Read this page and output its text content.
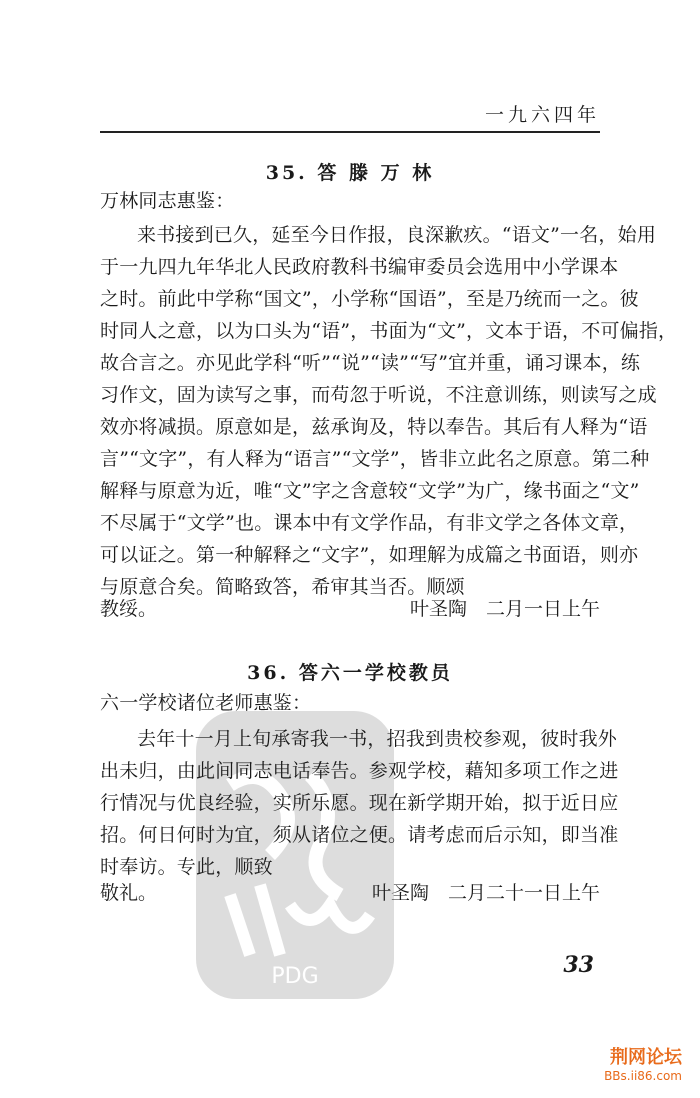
一九六四年
PDG
35. 答 滕 万 林
万林同志惠鉴：
来书接到已久，延至今日作报，良深歉疚。“语文”一名，始用
于一九四九年华北人民政府教科书编审委员会选用中小学课本
之时。前此中学称“国文”，小学称“国语”，至是乃统而一之。彼
时同人之意，以为口头为“语”，书面为“文”，文本于语，不可偏指，
故合言之。亦见此学科“听”“说”“读”“写”宜并重，诵习课本，练
习作文，固为读写之事，而苟忽于听说，不注意训练，则读写之成
效亦将减损。原意如是，兹承询及，特以奉告。其后有人释为“语
言”“文字”，有人释为“语言”“文学”，皆非立此名之原意。第二种
解释与原意为近，唯“文”字之含意较“文学”为广，缘书面之“文”
不尽属于“文学”也。课本中有文学作品，有非文学之各体文章，
可以证之。第一种解释之“文字”，如理解为成篇之书面语，则亦
与原意合矣。简略致答，希审其当否。顺颂
教绥。	叶圣陶　二月一日上午
36. 答六一学校教员
六一学校诸位老师惠鉴：
去年十一月上旬承寄我一书，招我到贵校参观，彼时我外
出未归，由此间同志电话奉告。参观学校，藉知多项工作之进
行情况与优良经验，实所乐愿。现在新学期开始，拟于近日应
招。何日何时为宜，须从诸位之便。请考虑而后示知，即当准
时奉访。专此，顺致
敬礼。	叶圣陶　二月二十一日上午
33
荆网论坛
BBs.ii86.com
